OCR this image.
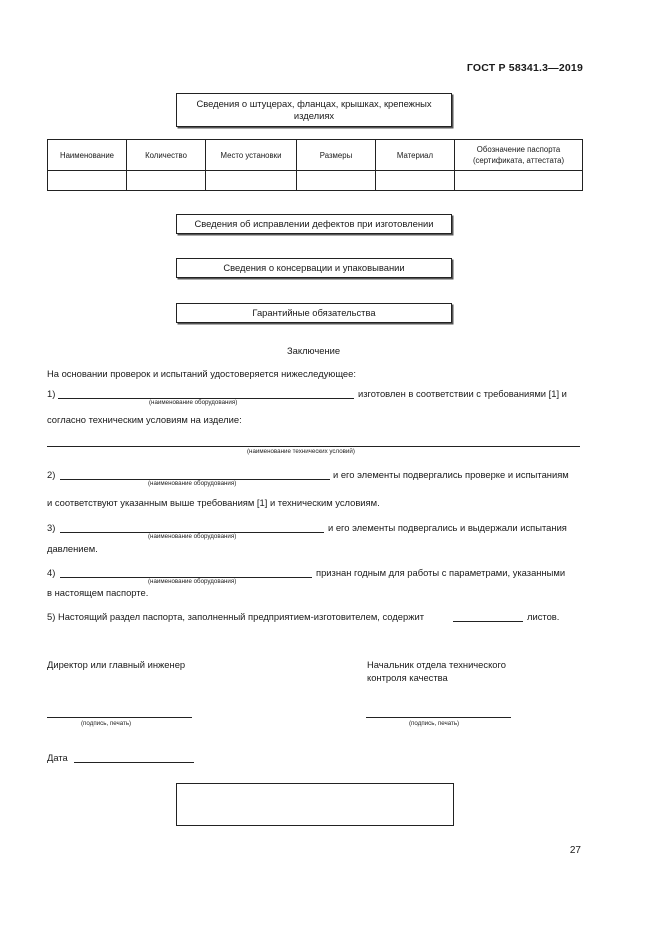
ГОСТ Р 58341.3—2019
Сведения о штуцерах, фланцах, крышках, крепежных изделиях
Наименование	Количество	Место установки	Размеры	Материал	Обозначение паспорта (сертификата, аттестата)

Сведения об исправлении дефектов при изготовлении
Сведения о консервации и упаковывании
Гарантийные обязательства
Заключение
На основании проверок и испытаний удостоверяется нижеследующее:
1)
(наименование оборудования)
изготовлен в соответствии с требованиями [1] и
согласно техническим условиям на изделие:
(наименование технических условий)
2)
(наименование оборудования)
и его элементы подвергались проверке и испытаниям
и соответствуют указанным выше требованиям [1] и техническим условиям.
3)
(наименование оборудования)
и его элементы подвергались и выдержали испытания
давлением.
4)
(наименование оборудования)
признан годным для работы с параметрами, указанными
в настоящем паспорте.
5) Настоящий раздел паспорта, заполненный предприятием-изготовителем, содержит	листов.
Директор или главный инженер	Начальник отдела технического
контроля качества
(подпись, печать)	(подпись, печать)
Дата
27
